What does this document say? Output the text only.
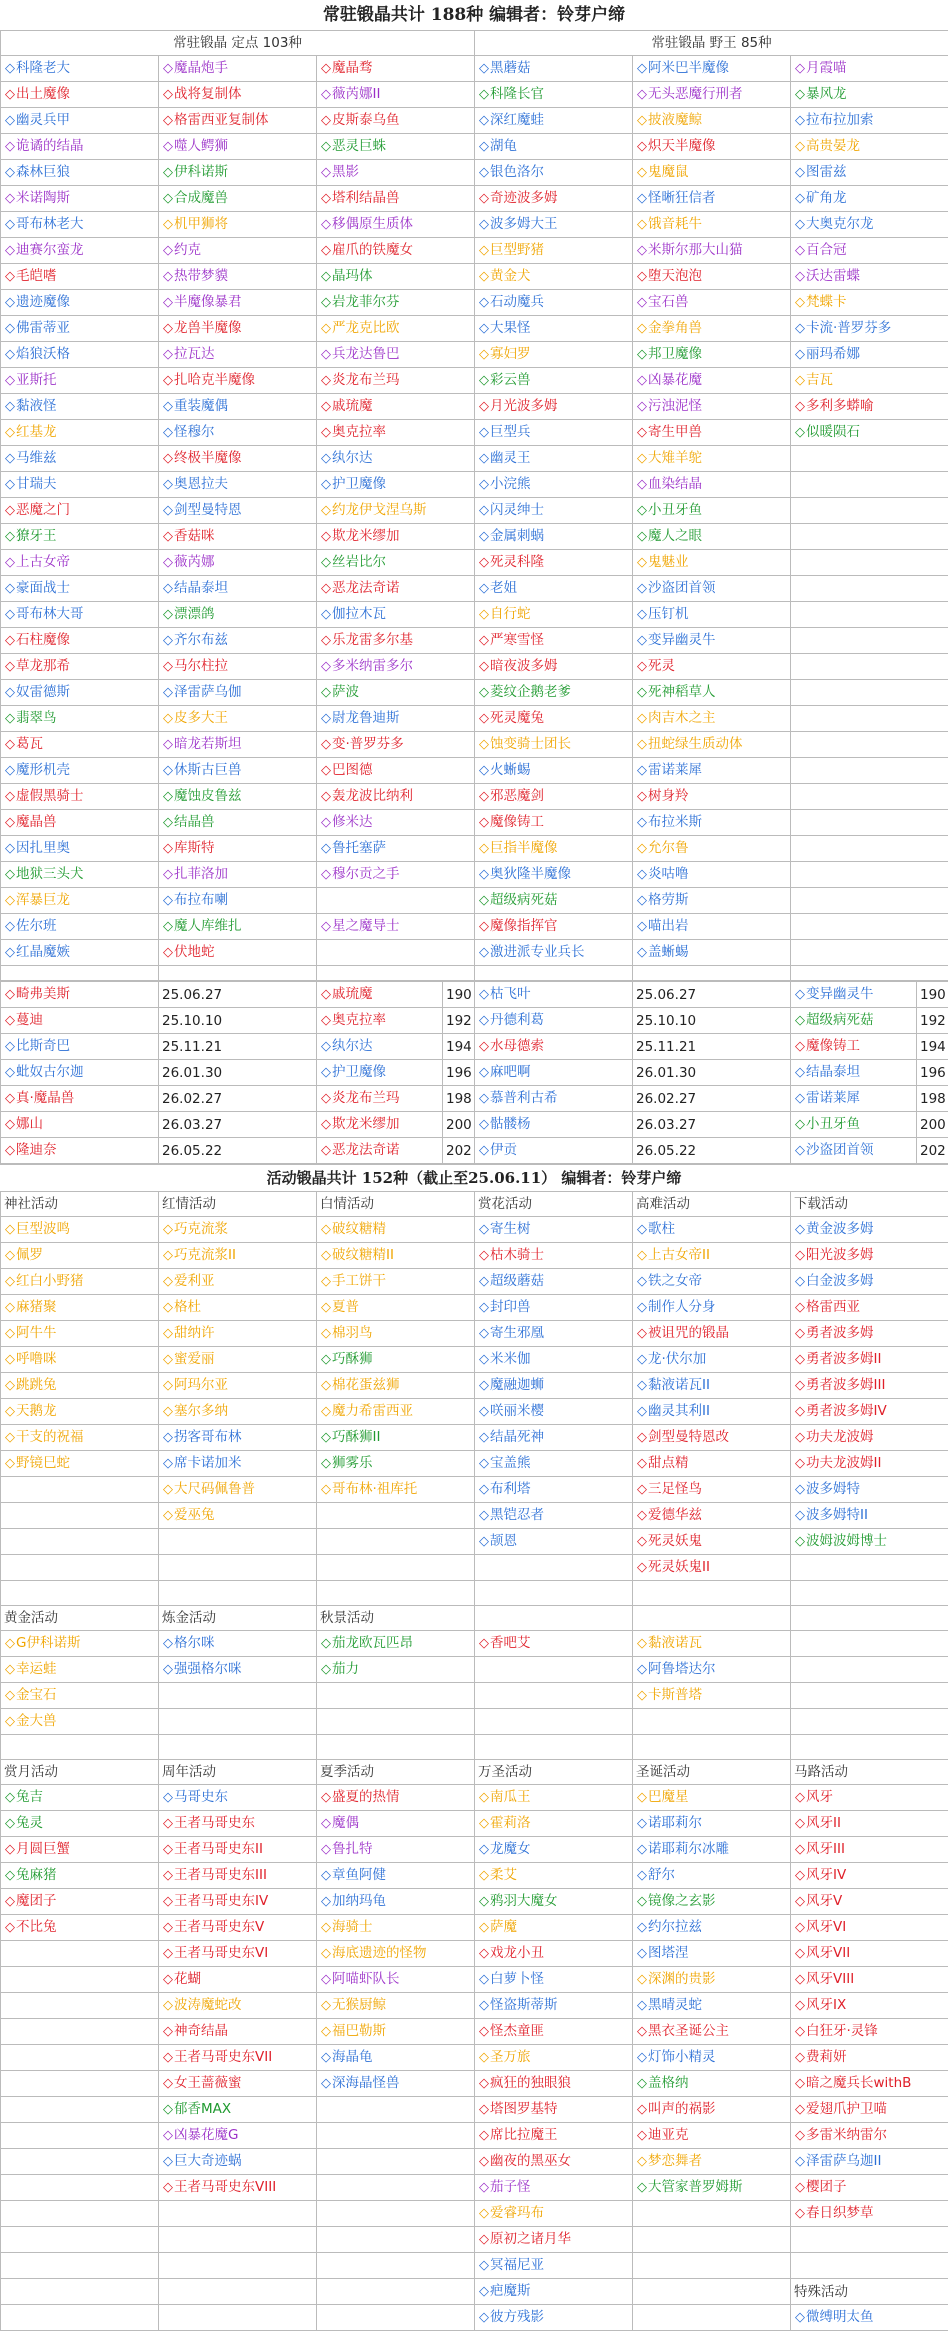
常驻锻晶共计 188种 编辑者：铃芽户缔
常驻锻晶 定点 103种			常驻锻晶 野王 85种		
◇科隆老大	◇魔晶炮手	◇魔晶骛	◇黑蘑菇	◇阿米巴半魔像	◇月霞喵
◇出土魔像	◇战将复制体	◇薇芮娜II	◇科隆长官	◇无头恶魔行刑者	◇暴风龙
◇幽灵兵甲	◇格雷西亚复制体	◇皮斯泰乌鱼	◇深红魔蛙	◇披液魔鲸	◇拉布拉加索
◇诡谲的结晶	◇噬人鳄狮	◇恶灵巨蛛	◇湖龟	◇炽天半魔像	◇高贵晏龙
◇森林巨狼	◇伊科诺斯	◇黑影	◇银色洛尔	◇鬼魔鼠	◇图雷兹
◇米诺陶斯	◇合成魔兽	◇塔利结晶兽	◇奇迹波多姆	◇怪晰狂信者	◇矿角龙
◇哥布林老大	◇机甲狮将	◇移偶原生质体	◇波多姆大王	◇饿音耗牛	◇大奥克尔龙
◇迪赛尔蛮龙	◇约克	◇雇爪的铁魔女	◇巨型野猪	◇米斯尔那大山猫	◇百合冠
◇毛皑嗜	◇热带梦貘	◇晶玛体	◇黄金犬	◇堕天泡泡	◇沃达雷蝶
◇遗迹魔像	◇半魔像暴君	◇岩龙菲尔芬	◇石动魔兵	◇宝石兽	◇梵蝶卡
◇佛雷蒂亚	◇龙兽半魔像	◇严龙克比欧	◇大果怪	◇金拳角兽	◇卡流·普罗芬多
◇焰狼沃格	◇拉瓦达	◇兵龙达鲁巴	◇寡妇罗	◇邦卫魔像	◇丽玛希娜
◇亚斯托	◇扎哈克半魔像	◇炎龙布兰玛	◇彩云兽	◇凶暴花魔	◇吉瓦
◇黏液怪	◇重装魔偶	◇戚琉魔	◇月光波多姆	◇污浊泥怪	◇多利多蟒喻
◇红基龙	◇怪穆尔	◇奥克拉率	◇巨型兵	◇寄生甲兽	◇似暖陨石
◇马维兹	◇终极半魔像	◇纨尔达	◇幽灵王	◇大雉羊鸵	
◇甘瑞夫	◇奥恩拉夫	◇护卫魔像	◇小浣熊	◇血染结晶	
◇恶魔之门	◇剑型曼特恩	◇约龙伊戈涅乌斯	◇闪灵绅士	◇小丑牙鱼	
◇獠牙王	◇香菇咪	◇欺龙米缪加	◇金属刺蜗	◇魔人之眼	
◇上古女帝	◇薇芮娜	◇丝岩比尔	◇死灵科隆	◇鬼魅业	
◇豪面战士	◇结晶泰坦	◇恶龙法奇诺	◇老姐	◇沙盗团首领	
◇哥布林大哥	◇漂漂鸽	◇伽拉木瓦	◇自行蛇	◇压钉机	
◇石柱魔像	◇齐尔布兹	◇乐龙雷多尔基	◇严寒雪怪	◇变异幽灵牛	
◇草龙那希	◇马尔柱拉	◇多米纳雷多尔	◇暗夜波多姆	◇死灵	
◇奴雷德斯	◇泽雷萨乌伽	◇萨波	◇菱纹企鹅老爹	◇死神稻草人	
◇翡翠鸟	◇皮多大王	◇尉龙鲁迪斯	◇死灵魔兔	◇肉吉木之主	
◇葛瓦	◇暗龙若斯坦	◇变·普罗芬多	◇蚀变骑士团长	◇扭蛇绿生质动体	
◇魔形机壳	◇休斯古巨兽	◇巴图德	◇火蜥蜴	◇雷诺莱犀	
◇虚假黑骑士	◇魔蚀皮鲁兹	◇轰龙波比纳利	◇邪恶魔剑	◇树身羚	
◇魔晶兽	◇结晶兽	◇修米达	◇魔像铸工	◇布拉米斯	
◇因扎里奥	◇库斯特	◇鲁托塞萨	◇巨指半魔像	◇允尔鲁	
◇地狱三头犬	◇扎菲洛加	◇穆尔贡之手	◇奥狄隆半魔像	◇炎咕噜	
◇浑暴巨龙	◇布拉布喇		◇超级病死菇	◇格劳斯	
◇佐尔班	◇魔人库维扎	◇星之魔导士	◇魔像指挥官	◇喵出岩	
◇红晶魔嫉	◇伏地蛇		◇激进派专业兵长	◇盖蜥蜴	

◇畸弗美斯	25.06.27	◇戚琉魔	190	◇枯飞叶	25.06.27	◇变异幽灵牛	190
◇蔓迪	25.10.10	◇奥克拉率	192	◇丹德利葛	25.10.10	◇超级病死菇	192
◇比斯奇巴	25.11.21	◇纨尔达	194	◇水母德索	25.11.21	◇魔像铸工	194
◇蚍奴古尔迦	26.01.30	◇护卫魔像	196	◇麻吧啊	26.01.30	◇结晶泰坦	196
◇真·魔晶兽	26.02.27	◇炎龙布兰玛	198	◇慕普利古希	26.02.27	◇雷诺莱犀	198
◇娜山	26.03.27	◇欺龙米缪加	200	◇骷髅杨	26.03.27	◇小丑牙鱼	200
◇隆迪奈	26.05.22	◇恶龙法奇诺	202	◇伊贡	26.05.22	◇沙盗团首领	202
活动锻晶共计 152种（截止至25.06.11） 编辑者：铃芽户缔
神社活动	红情活动	白情活动	赏花活动	高难活动	下载活动
◇巨型波鸣	◇巧克流浆	◇破纹糖精	◇寄生树	◇歌柱	◇黄金波多姆
◇佩罗	◇巧克流浆II	◇破纹糖精II	◇枯木骑士	◇上古女帝II	◇阳光波多姆
◇红白小野猪	◇爱利亚	◇手工饼干	◇超级蘑菇	◇铁之女帝	◇白金波多姆
◇麻猪聚	◇格杜	◇夏普	◇封印兽	◇制作人分身	◇格雷西亚
◇阿牛牛	◇甜纳许	◇棉羽鸟	◇寄生邪凰	◇被诅咒的锻晶	◇勇者波多姆
◇呼噜咪	◇蜜爱丽	◇巧酥狮	◇米米伽	◇龙·伏尔加	◇勇者波多姆II
◇跳跳兔	◇阿玛尔亚	◇棉花蛋兹狮	◇魔融迦蛳	◇黏液诺瓦II	◇勇者波多姆III
◇天鹅龙	◇塞尔多纳	◇魔力希雷西亚	◇咲丽米樱	◇幽灵其利II	◇勇者波多姆IV
◇干支的祝福	◇拐客哥布林	◇巧酥狮II	◇结晶死神	◇剑型曼特恩改	◇功夫龙波姆
◇野镜巳蛇	◇席卡诺加米	◇狮雾乐	◇宝盖熊	◇甜点精	◇功夫龙波姆II
	◇大尺码佩鲁普	◇哥布林·祖库托	◇布利塔	◇三足怪鸟	◇波多姆特
	◇爱巫兔		◇黑铠忍者	◇爱德华兹	◇波多姆特II
			◇颉恩	◇死灵妖鬼	◇波姆波姆博士
				◇死灵妖鬼II	

黄金活动	炼金活动	秋景活动			
◇G伊科诺斯	◇格尔咪	◇茄龙欧瓦匹昂	◇香吧艾	◇黏液诺瓦	
◇幸运蛙	◇强强格尔咪	◇茄力		◇阿鲁塔达尔	
◇金宝石				◇卡斯普塔	
◇金大兽					

赏月活动	周年活动	夏季活动	万圣活动	圣诞活动	马路活动
◇兔吉	◇马哥史东	◇盛夏的热情	◇南瓜王	◇巴魔星	◇风牙
◇兔灵	◇王者马哥史东	◇魔偶	◇霍莉洛	◇诺耶莉尔	◇风牙II
◇月圆巨蟹	◇王者马哥史东II	◇鲁扎特	◇龙魔女	◇诺耶莉尔冰雕	◇风牙III
◇兔麻猪	◇王者马哥史东III	◇章鱼阿健	◇柔艾	◇舒尔	◇风牙IV
◇魔团子	◇王者马哥史东IV	◇加纳玛龟	◇鸦羽大魔女	◇镜像之玄影	◇风牙V
◇不比兔	◇王者马哥史东V	◇海骑士	◇萨魔	◇约尔拉兹	◇风牙VI
	◇王者马哥史东VI	◇海底遗迹的怪物	◇戏龙小丑	◇图塔涅	◇风牙VII
	◇花蝴	◇阿喵虾队长	◇白萝卜怪	◇深渊的贵影	◇风牙VIII
	◇波涛魔蛇改	◇无猴厨鲸	◇怪盗斯蒂斯	◇黑晴灵蛇	◇风牙IX
	◇神奇结晶	◇福巴勒斯	◇怪杰童匪	◇黑衣圣诞公主	◇白狂牙·灵锋
	◇王者马哥史东VII	◇海晶龟	◇圣万旅	◇灯饰小精灵	◇费莉妍
	◇女王蔷薇蜜	◇深海晶怪兽	◇疯狂的独眼狼	◇盖格纳	◇暗之魔兵长withB
	◇郁香MAX		◇塔图罗基特	◇叫声的祸影	◇爱翅爪护卫喵
	◇凶暴花魔G		◇席比拉魔王	◇迪亚克	◇多雷米纳雷尔
	◇巨大奇迹蜗		◇幽夜的黑巫女	◇梦恋舞者	◇泽雷萨乌迦II
	◇王者马哥史东VIII		◇茄子怪	◇大管家普罗姆斯	◇樱团子
			◇爱睿玛布		◇春日织梦草
			◇原初之诸月华		
			◇冥福尼亚		
			◇疤魔斯		特殊活动
			◇彼方残影		◇微缚明太鱼
